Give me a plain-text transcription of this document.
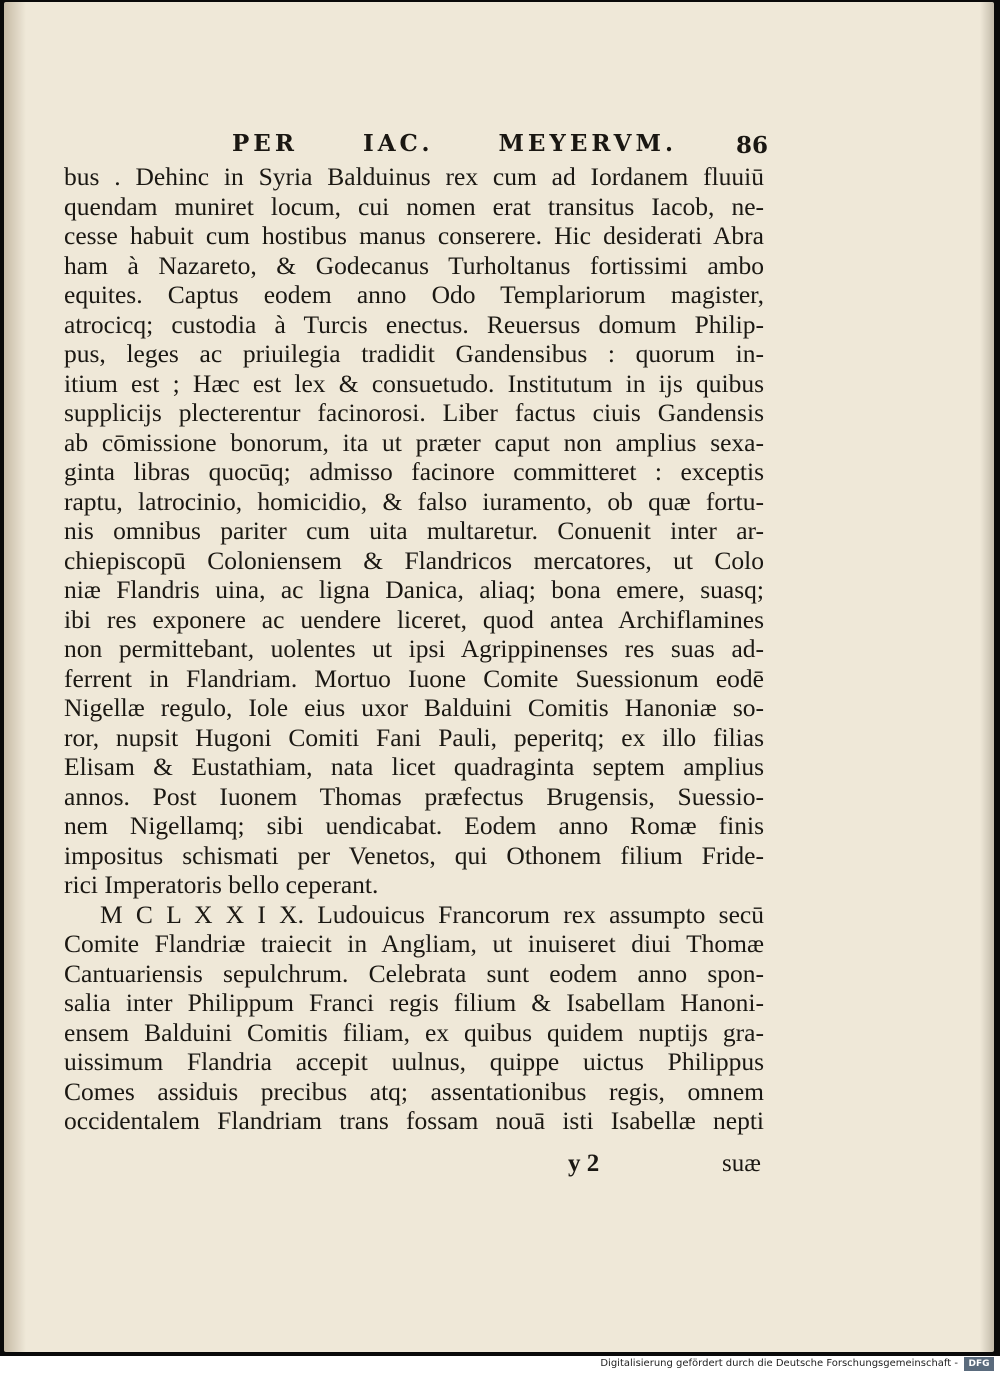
PER	IAC.	MEYERVM.	86
bus . Dehinc in Syria Balduinus rex cum ad Iordanem fluuiū
quendam muniret locum, cui nomen erat transitus Iacob, ne-
cesse habuit cum hostibus manus conserere. Hic desiderati Abra
ham à Nazareto, & Godecanus Turholtanus fortissimi ambo
equites. Captus eodem anno Odo Templariorum magister,
atrocicq; custodia à Turcis enectus. Reuersus domum Philip-
pus, leges ac priuilegia tradidit Gandensibus : quorum in-
itium est ; Hæc est lex & consuetudo. Institutum in ijs quibus
supplicijs plecterentur facinorosi. Liber factus ciuis Gandensis
ab cōmissione bonorum, ita ut præter caput non amplius sexa-
ginta libras quocūq; admisso facinore committeret : exceptis
raptu, latrocinio, homicidio, & falso iuramento, ob quæ fortu-
nis omnibus pariter cum uita multaretur. Conuenit inter ar-
chiepiscopū Coloniensem & Flandricos mercatores, ut Colo
niæ Flandris uina, ac ligna Danica, aliaq; bona emere, suasq;
ibi res exponere ac uendere liceret, quod antea Archiflamines
non permittebant, uolentes ut ipsi Agrippinenses res suas ad-
ferrent in Flandriam. Mortuo Iuone Comite Suessionum eodē
Nigellæ regulo, Iole eius uxor Balduini Comitis Hanoniæ so-
ror, nupsit Hugoni Comiti Fani Pauli, peperitq; ex illo filias
Elisam & Eustathiam, nata licet quadraginta septem amplius
annos. Post Iuonem Thomas præfectus Brugensis, Suessio-
nem Nigellamq; sibi uendicabat. Eodem anno Romæ finis
impositus schismati per Venetos, qui Othonem filium Fride-
rici Imperatoris bello ceperant.
M C L X X I X. Ludouicus Francorum rex assumpto secū
Comite Flandriæ traiecit in Angliam, ut inuiseret diui Thomæ
Cantuariensis sepulchrum. Celebrata sunt eodem anno spon-
salia inter Philippum Franci regis filium & Isabellam Hanoni-
ensem Balduini Comitis filiam, ex quibus quidem nuptijs gra-
uissimum Flandria accepit uulnus, quippe uictus Philippus
Comes assiduis precibus atq; assentationibus regis, omnem
occidentalem Flandriam trans fossam nouā isti Isabellæ nepti
y 2	suæ
Digitalisierung gefördert durch die Deutsche Forschungsgemeinschaft -	DFG
